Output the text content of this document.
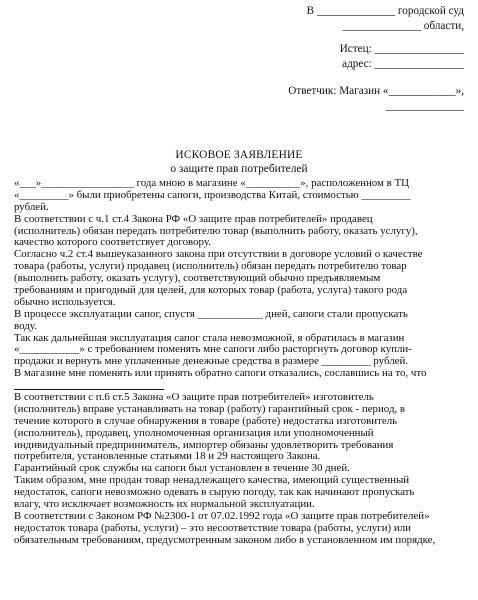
В ______________ городской суд
______________ области,
Истец: ________________
адрес: ________________
Ответчик: Магазин «____________»,
______________
ИСКОВОЕ ЗАЯВЛЕНИЕ
о защите прав потребителей
«___»_________________ года мною в магазине «__________», расположенном в ТЦ
«_________» были приобретены сапоги, производства Китай, стоимостью _________
рублей.
В соответствии с ч.1 ст.4 Закона РФ «О защите прав потребителей» продавец
(исполнитель) обязан передать потребителю товар (выполнить работу, оказать услугу),
качество которого соответствует договору.
Согласно ч.2 ст.4 вышеуказанного закона при отсутствии в договоре условий о качестве
товара (работы, услуги) продавец (исполнитель) обязан передать потребителю товар
(выполнить работу, оказать услугу), соответствующий обычно предъявляемым
требованиям и пригодный для целей, для которых товар (работа, услуга) такого рода
обычно используется.
В процессе эксплуатации сапог, спустя ____________ дней, сапоги стали пропускать
воду.
Так как дальнейшая эксплуатация сапог стала невозможной, я обратилась в магазин
«___________» с требованием поменять мне сапоги либо расторгнуть договор купли-
продажи и вернуть мне уплаченные денежные средства в размере _________ рублей.
В магазине мне поменять или принять обратно сапоги отказались, сославшись на то, что
В соответствии с п.6 ст.5 Закона «О защите прав потребителей» изготовитель
(исполнитель) вправе устанавливать на товар (работу) гарантийный срок - период, в
течение которого в случае обнаружения в товаре (работе) недостатка изготовитель
(исполнитель), продавец, уполномоченная организация или уполномоченный
индивидуальный предприниматель, импортер обязаны удовлетворить требования
потребителя, установленные статьями 18 и 29 настоящего Закона.
Гарантийный срок службы на сапоги был установлен в течение 30 дней.
Таким образом, мне продан товар ненадлежащего качества, имеющий существенный
недостаток, сапоги невозможно одевать в сырую погоду, так как начинают пропускать
влагу, что исключает возможность их нормальной эксплуатации.
В соответствии с Законом РФ №2300-1 от 07.02.1992 года «О защите прав потребителей»
недостаток товара (работы, услуги) – это несоответствие товара (работы, услуги) или
обязательным требованиям, предусмотренным законом либо в установленном им порядке,
